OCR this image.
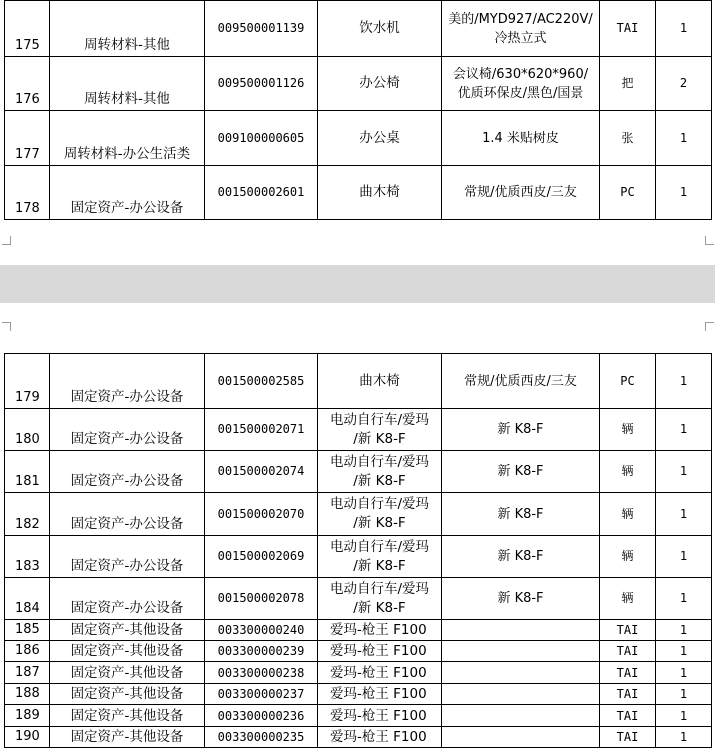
175	周转材料-其他	009500001139	饮水机	美的/MYD927/AC220V/
冷热立式	TAI	1
176	周转材料-其他	009500001126	办公椅	会议椅/630*620*960/
优质环保皮/黑色/国景	把	2
177	周转材料-办公生活类	009100000605	办公桌	1.4 米贴树皮	张	1
178	固定资产-办公设备	001500002601	曲木椅	常规/优质西皮/三友	PC	1
179	固定资产-办公设备	001500002585	曲木椅	常规/优质西皮/三友	PC	1
180	固定资产-办公设备	001500002071	电动自行车/爱玛
/新 K8-F	新 K8-F	辆	1
181	固定资产-办公设备	001500002074	电动自行车/爱玛
/新 K8-F	新 K8-F	辆	1
182	固定资产-办公设备	001500002070	电动自行车/爱玛
/新 K8-F	新 K8-F	辆	1
183	固定资产-办公设备	001500002069	电动自行车/爱玛
/新 K8-F	新 K8-F	辆	1
184	固定资产-办公设备	001500002078	电动自行车/爱玛
/新 K8-F	新 K8-F	辆	1
185	固定资产-其他设备	003300000240	爱玛-枪王 F100		TAI	1
186	固定资产-其他设备	003300000239	爱玛-枪王 F100		TAI	1
187	固定资产-其他设备	003300000238	爱玛-枪王 F100		TAI	1
188	固定资产-其他设备	003300000237	爱玛-枪王 F100		TAI	1
189	固定资产-其他设备	003300000236	爱玛-枪王 F100		TAI	1
190	固定资产-其他设备	003300000235	爱玛-枪王 F100		TAI	1
